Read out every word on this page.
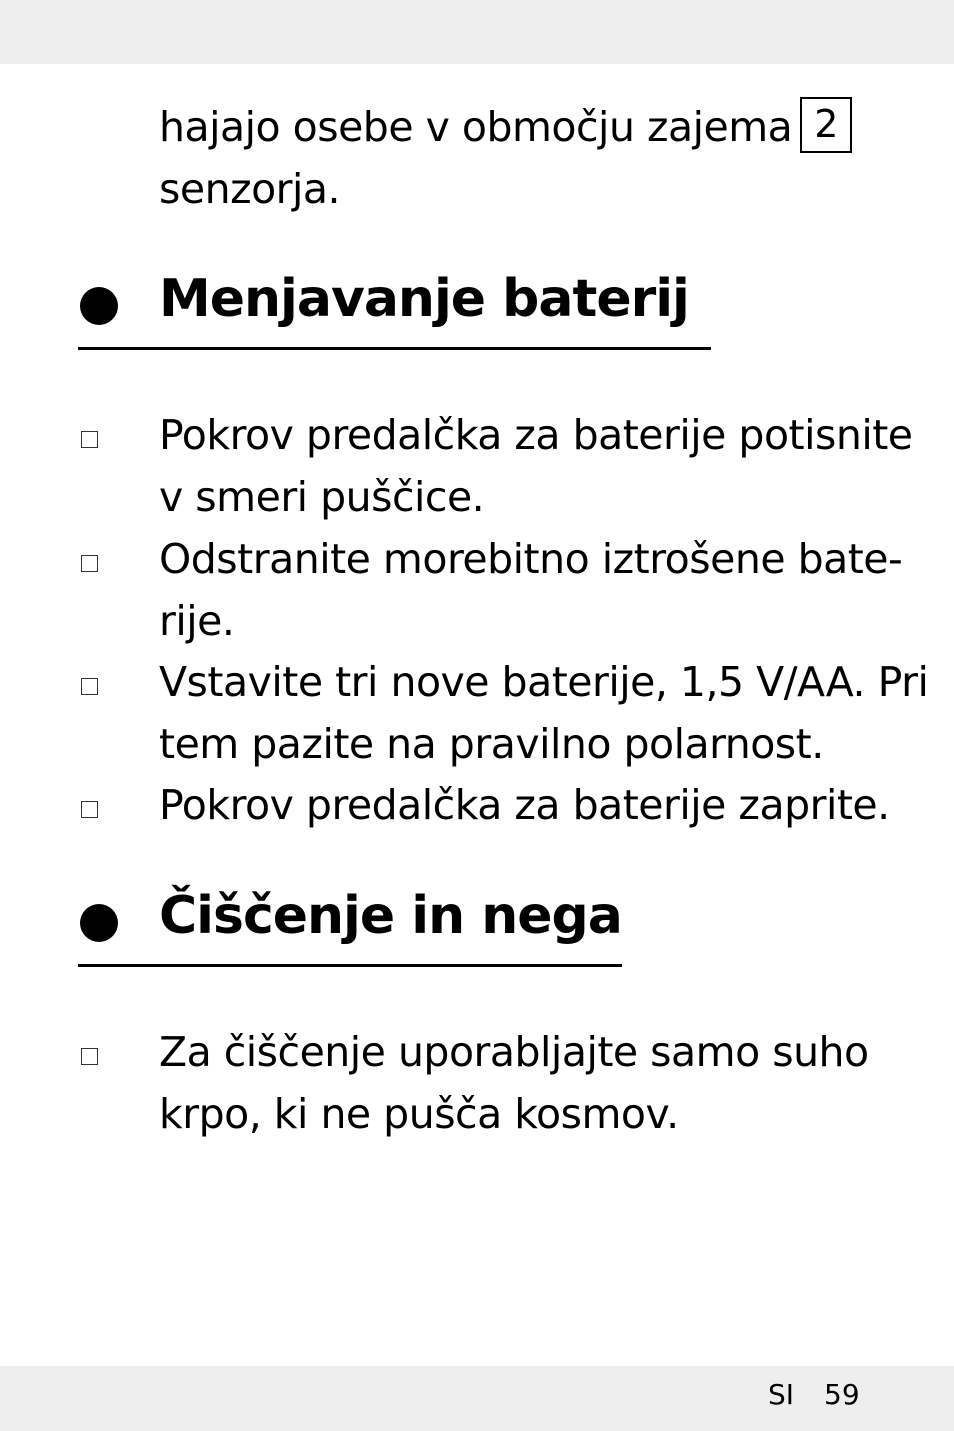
hajajo osebe v območju zajema 2
senzorja.
Menjavanje baterij
Pokrov predalčka za baterije potisnite
v smeri puščice.
Odstranite morebitno iztrošene bate-
rije.
Vstavite tri nove baterije, 1,5 V/AA. Pri
tem pazite na pravilno polarnost.
Pokrov predalčka za baterije zaprite.
Čiščenje in nega
Za čiščenje uporabljajte samo suho
krpo, ki ne pušča kosmov.
SI 59
